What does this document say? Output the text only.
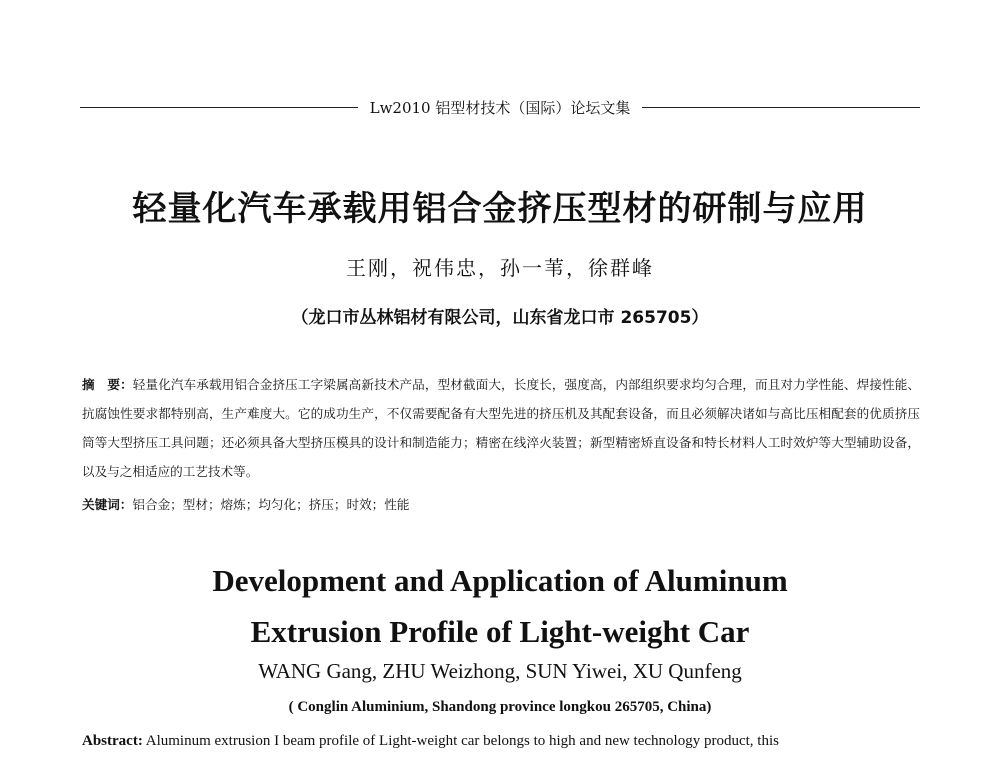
Lw2010 铝型材技术（国际）论坛文集
轻量化汽车承载用铝合金挤压型材的研制与应用
王刚，祝伟忠，孙一苇，徐群峰
（龙口市丛林铝材有限公司，山东省龙口市 265705）
摘　要：轻量化汽车承载用铝合金挤压工字梁属高新技术产品，型材截面大，长度长，强度高，内部组织要求均匀合理，而且对力学性能、焊接性能、抗腐蚀性要求都特别高，生产难度大。它的成功生产，不仅需要配备有大型先进的挤压机及其配套设备，而且必须解决诸如与高比压相配套的优质挤压筒等大型挤压工具问题；还必须具备大型挤压模具的设计和制造能力；精密在线淬火装置；新型精密矫直设备和特长材料人工时效炉等大型辅助设备，以及与之相适应的工艺技术等。
关键词：铝合金；型材；熔炼；均匀化；挤压；时效；性能
Development and Application of Aluminum
Extrusion Profile of Light-weight Car
WANG Gang, ZHU Weizhong, SUN Yiwei, XU Qunfeng
( Conglin Aluminium, Shandong province longkou 265705, China)
Abstract: Aluminum extrusion I beam profile of Light-weight car belongs to high and new technology product, this
